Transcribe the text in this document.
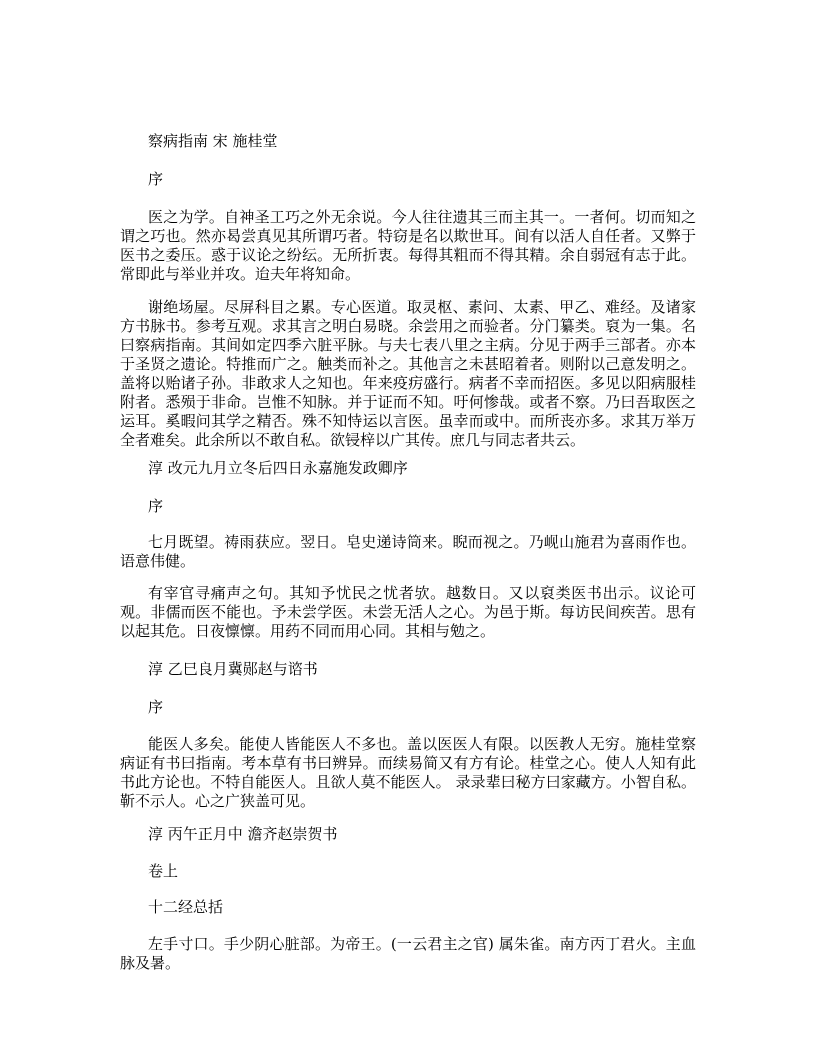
察病指南 宋 施桂堂

序

医之为学。自神圣工巧之外无余说。今人往往遗其三而主其一。一者何。切而知之谓之巧也。然亦曷尝真见其所谓巧者。特窃是名以欺世耳。间有以活人自任者。又弊于医书之委压。惑于议论之纷纭。无所折衷。每得其粗而不得其精。余自弱冠有志于此。常即此与举业并攻。迨夫年将知命。

谢绝场屋。尽屏科目之累。专心医道。取灵枢、素问、太素、甲乙、难经。及诸家方书脉书。参考互观。求其言之明白易晓。余尝用之而验者。分门纂类。裒为一集。名曰察病指南。其间如定四季六脏平脉。与夫七表八里之主病。分见于两手三部者。亦本于圣贤之遗论。特推而广之。触类而补之。其他言之未甚昭着者。则附以己意发明之。盖将以贻诸子孙。非敢求人之知也。年来疫疠盛行。病者不幸而招医。多见以阳病服桂附者。悉殒于非命。岂惟不知脉。并于证而不知。吁何惨哉。或者不察。乃曰吾取医之运耳。奚暇问其学之精否。殊不知恃运以言医。虽幸而或中。而所丧亦多。求其万举万全者难矣。此余所以不敢自私。欲锓梓以广其传。庶几与同志者共云。

淳 改元九月立冬后四日永嘉施发政卿序

序

七月既望。祷雨获应。翌日。皂史递诗筒来。睨而视之。乃岘山施君为喜雨作也。语意伟健。

有宰官寻痛声之句。其知予忧民之忧者欤。越数日。又以裒类医书出示。议论可观。非儒而医不能也。予未尝学医。未尝无活人之心。为邑于斯。每访民间疾苦。思有以起其危。日夜懔懔。用药不同而用心同。其相与勉之。

淳 乙巳良月冀郧赵与谘书

序

能医人多矣。能使人皆能医人不多也。盖以医医人有限。以医教人无穷。施桂堂察病证有书曰指南。考本草有书曰辨异。而续易简又有方有论。桂堂之心。使人人知有此书此方论也。不特自能医人。且欲人莫不能医人。 录录辈曰秘方曰家藏方。小智自私。靳不示人。心之广狭盖可见。

淳 丙午正月中 澹齐赵崇贺书

卷上

十二经总括

左手寸口。手少阴心脏部。为帝王。(一云君主之官) 属朱雀。南方丙丁君火。主血脉及暑。
